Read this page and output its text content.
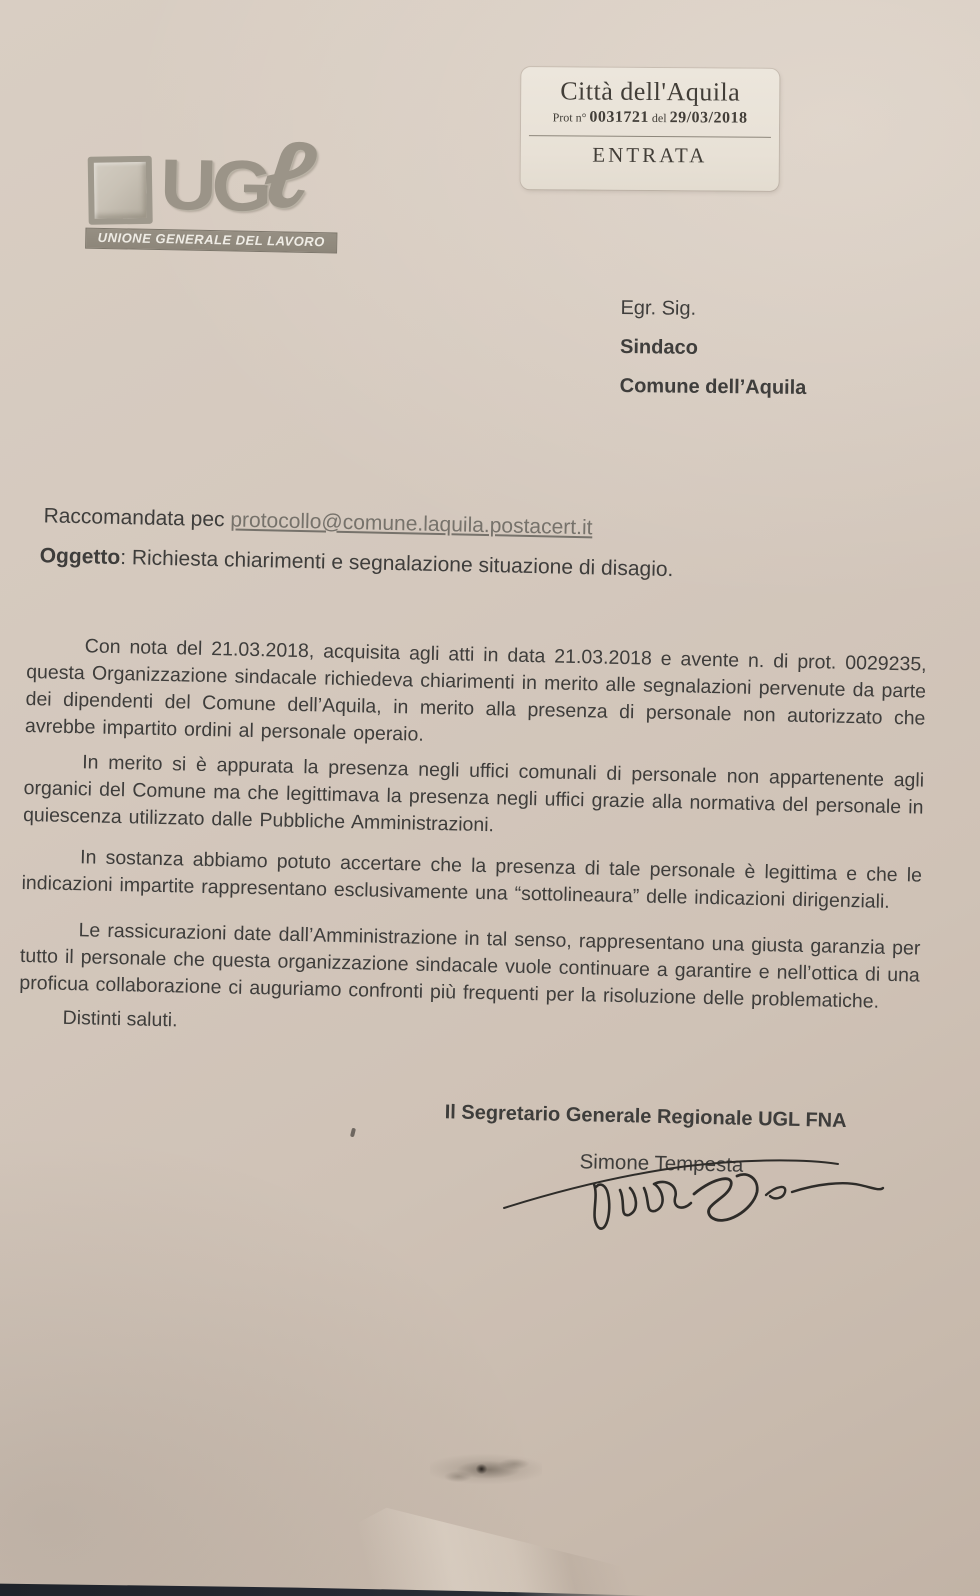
Città dell'Aquila
Prot n° 0031721 del 29/03/2018
ENTRATA
UGℓ
UNIONE GENERALE DEL LAVORO
Egr. Sig.
Sindaco
Comune dell’Aquila
Raccomandata pec protocollo@comune.laquila.postacert.it
Oggetto: Richiesta chiarimenti e segnalazione situazione di disagio.

Con nota del 21.03.2018, acquisita agli atti in data 21.03.2018 e avente n. di prot. 0029235, questa Organizzazione sindacale richiedeva chiarimenti in merito alle segnalazioni pervenute da parte dei dipendenti del Comune dell’Aquila, in merito alla presenza di personale non autorizzato che avrebbe impartito ordini al personale operaio.

In merito si è appurata la presenza negli uffici comunali di personale non appartenente agli organici del Comune ma che legittimava la presenza negli uffici grazie alla normativa del personale in quiescenza utilizzato dalle Pubbliche Amministrazioni.

In sostanza abbiamo potuto accertare che la presenza di tale personale è legittima e che le indicazioni impartite rappresentano esclusivamente una “sottolineaura” delle indicazioni dirigenziali.

Le rassicurazioni date dall’Amministrazione in tal senso, rappresentano una giusta garanzia per tutto il personale che questa organizzazione sindacale vuole continuare a garantire e nell’ottica di una proficua collaborazione ci auguriamo confronti più frequenti per la risoluzione delle problematiche.

Distinti saluti.
Il Segretario Generale Regionale UGL FNA
Simone Tempesta
